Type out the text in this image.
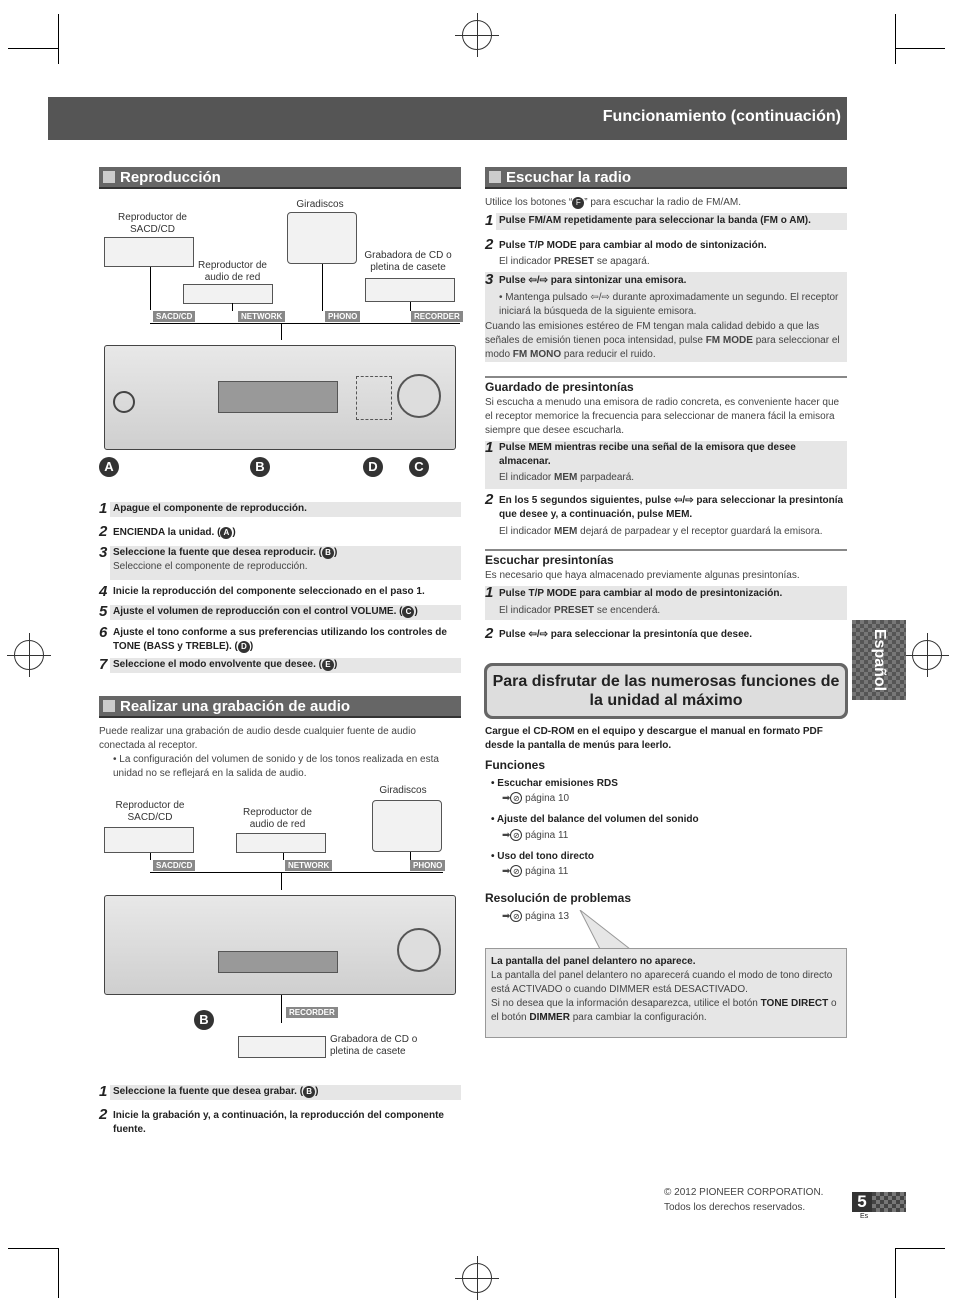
Funcionamiento (continuación)
Reproducción
Reproductor de SACD/CD
Giradiscos
Reproductor de audio de red
Grabadora de CD o pletina de casete
SACD/CD	NETWORK	PHONO	RECORDER
A	B	D	C
1 Apague el componente de reproducción.
2 ENCIENDA la unidad. ( A )
3 Seleccione la fuente que desea reproducir. ( B )
Seleccione el componente de reproducción.
4 Inicie la reproducción del componente seleccionado en el paso 1.
5 Ajuste el volumen de reproducción con el control VOLUME. ( C )
6 Ajuste el tono conforme a sus preferencias utilizando los controles de TONE (BASS y TREBLE). ( D )
7 Seleccione el modo envolvente que desee. ( E )
Realizar una grabación de audio
Puede realizar una grabación de audio desde cualquier fuente de audio conectada al receptor.
• La configuración del volumen de sonido y de los tonos realizada en esta unidad no se reflejará en la salida de audio.
Reproductor de SACD/CD	Reproductor de audio de red
Giradiscos
SACD/CD	NETWORK	PHONO
B	RECORDER
Grabadora de CD o pletina de casete
1 Seleccione la fuente que desea grabar. ( B )
2 Inicie la grabación y, a continuación, la reproducción del componente fuente.
Escuchar la radio
Utilice los botones “ F ” para escuchar la radio de FM/AM.
1 Pulse FM/AM repetidamente para seleccionar la banda (FM o AM).
2 Pulse T/P MODE para cambiar al modo de sintonización.
El indicador PRESET se apagará.
3 Pulse ⇦/⇨ para sintonizar una emisora.
• Mantenga pulsado ⇦/⇨ durante aproximadamente un segundo. El receptor iniciará la búsqueda de la siguiente emisora.
Cuando las emisiones estéreo de FM tengan mala calidad debido a que las señales de emisión tienen poca intensidad, pulse FM MODE para seleccionar el modo FM MONO para reducir el ruido.
Guardado de presintonías
Si escucha a menudo una emisora de radio concreta, es conveniente hacer que el receptor memorice la frecuencia para seleccionar de manera fácil la emisora siempre que desee escucharla.
1 Pulse MEM mientras recibe una señal de la emisora que desee almacenar.
El indicador MEM parpadeará.
2 En los 5 segundos siguientes, pulse ⇦/⇨ para seleccionar la presintonía que desee y, a continuación, pulse MEM.
El indicador MEM dejará de parpadear y el receptor guardará la emisora.
Escuchar presintonías
Es necesario que haya almacenado previamente algunas presintonías.
1 Pulse T/P MODE para cambiar al modo de presintonización.
El indicador PRESET se encenderá.
2 Pulse ⇦/⇨ para seleccionar la presintonía que desee.
Para disfrutar de las numerosas funciones de la unidad al máximo
Cargue el CD-ROM en el equipo y descargue el manual en formato PDF desde la pantalla de menús para leerlo.
Funciones
• Escuchar emisiones RDS
➡ ⊘ página 10
• Ajuste del balance del volumen del sonido
➡ ⊘ página 11
• Uso del tono directo
➡ ⊘ página 11
Resolución de problemas
➡ ⊘ página 13
La pantalla del panel delantero no aparece.
La pantalla del panel delantero no aparecerá cuando el modo de tono directo está ACTIVADO o cuando DIMMER está DESACTIVADO.
Si no desea que la información desaparezca, utilice el botón TONE DIRECT o el botón DIMMER para cambiar la configuración.
Español
© 2012 PIONEER CORPORATION.
Todos los derechos reservados.	5
Es
